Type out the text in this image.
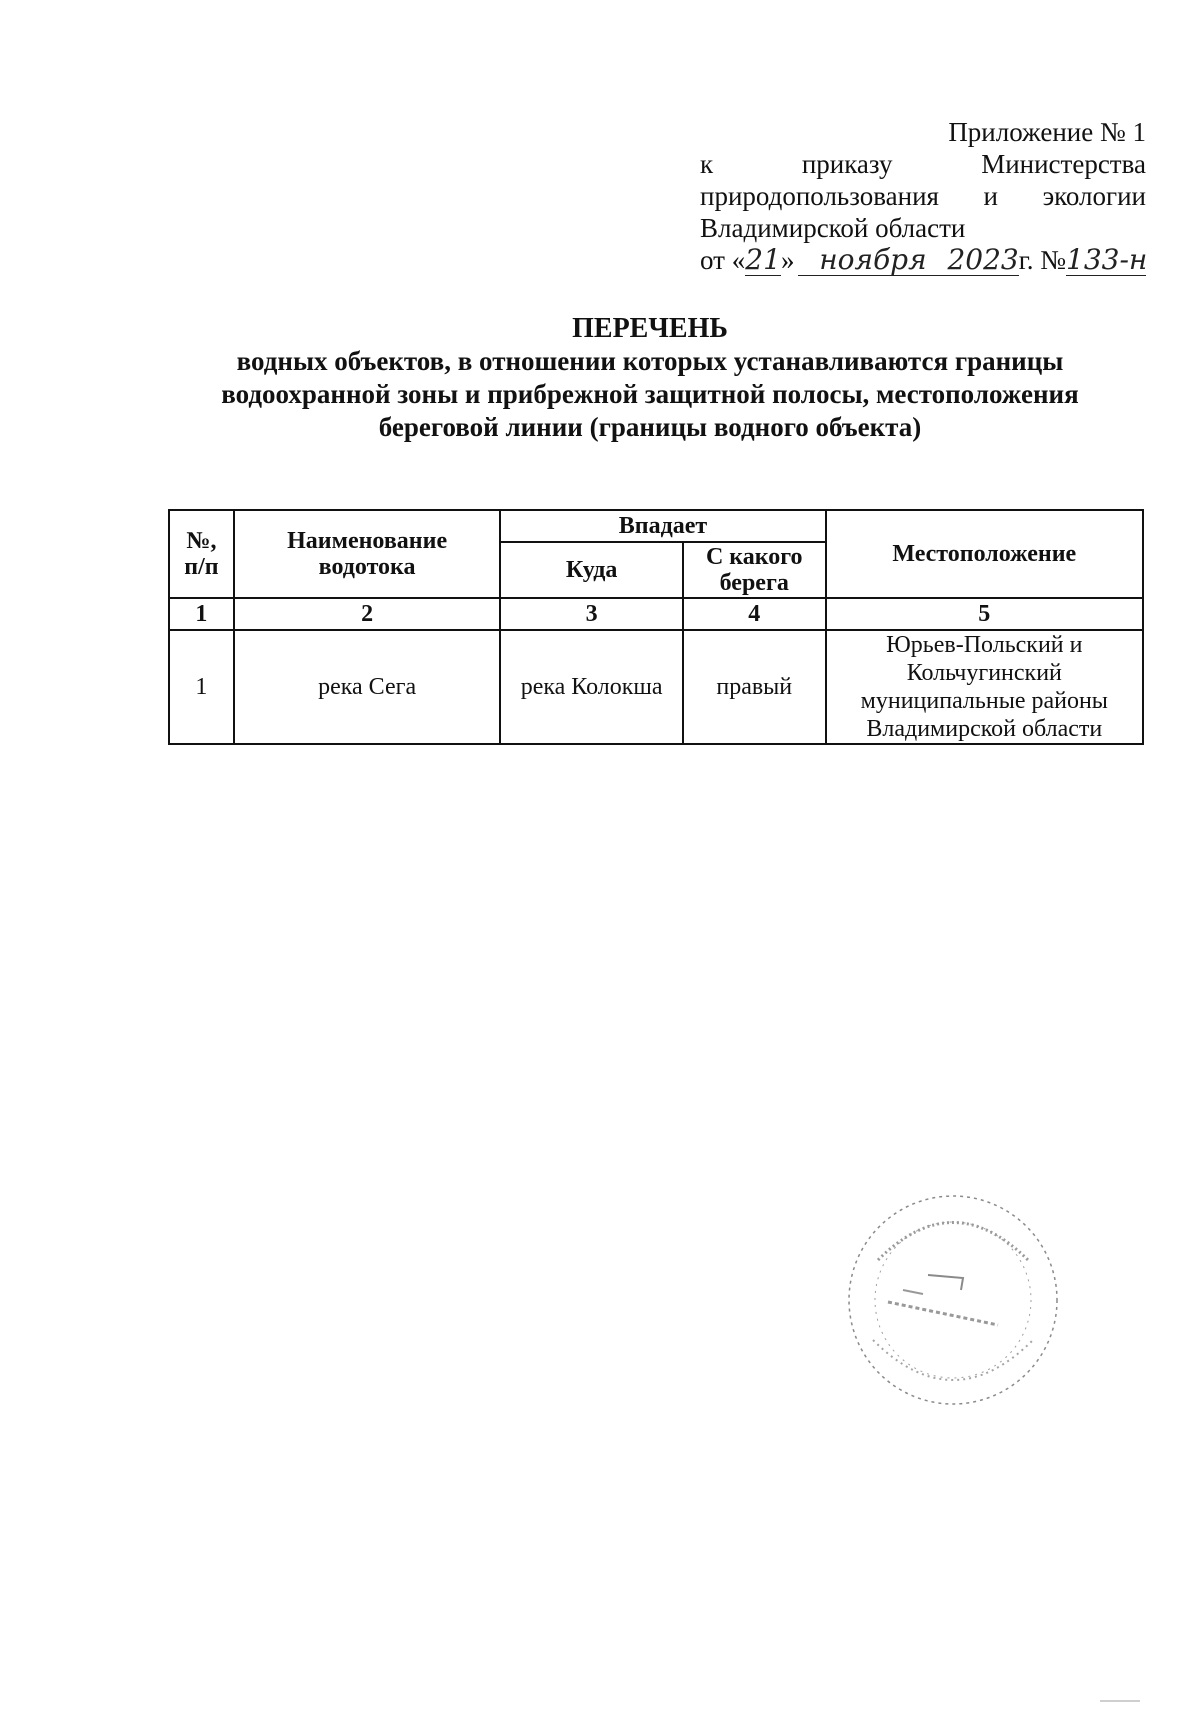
Приложение № 1
к	приказу	Министерства
природопользования и экологии
Владимирской области
от « 21 » ноября 2023 г. № 133-н
ПЕРЕЧЕНЬ
водных объектов, в отношении которых устанавливаются границы
водоохранной зоны и прибрежной защитной полосы, местоположения
береговой линии (границы водного объекта)
№, п/п	Наименование водотока	Впадает		Местоположение
		Куда	С какого берега	
1	2	3	4	5
1	река Сега	река Колокша	правый	Юрьев-Польский и Кольчугинский муниципальные районы Владимирской области
